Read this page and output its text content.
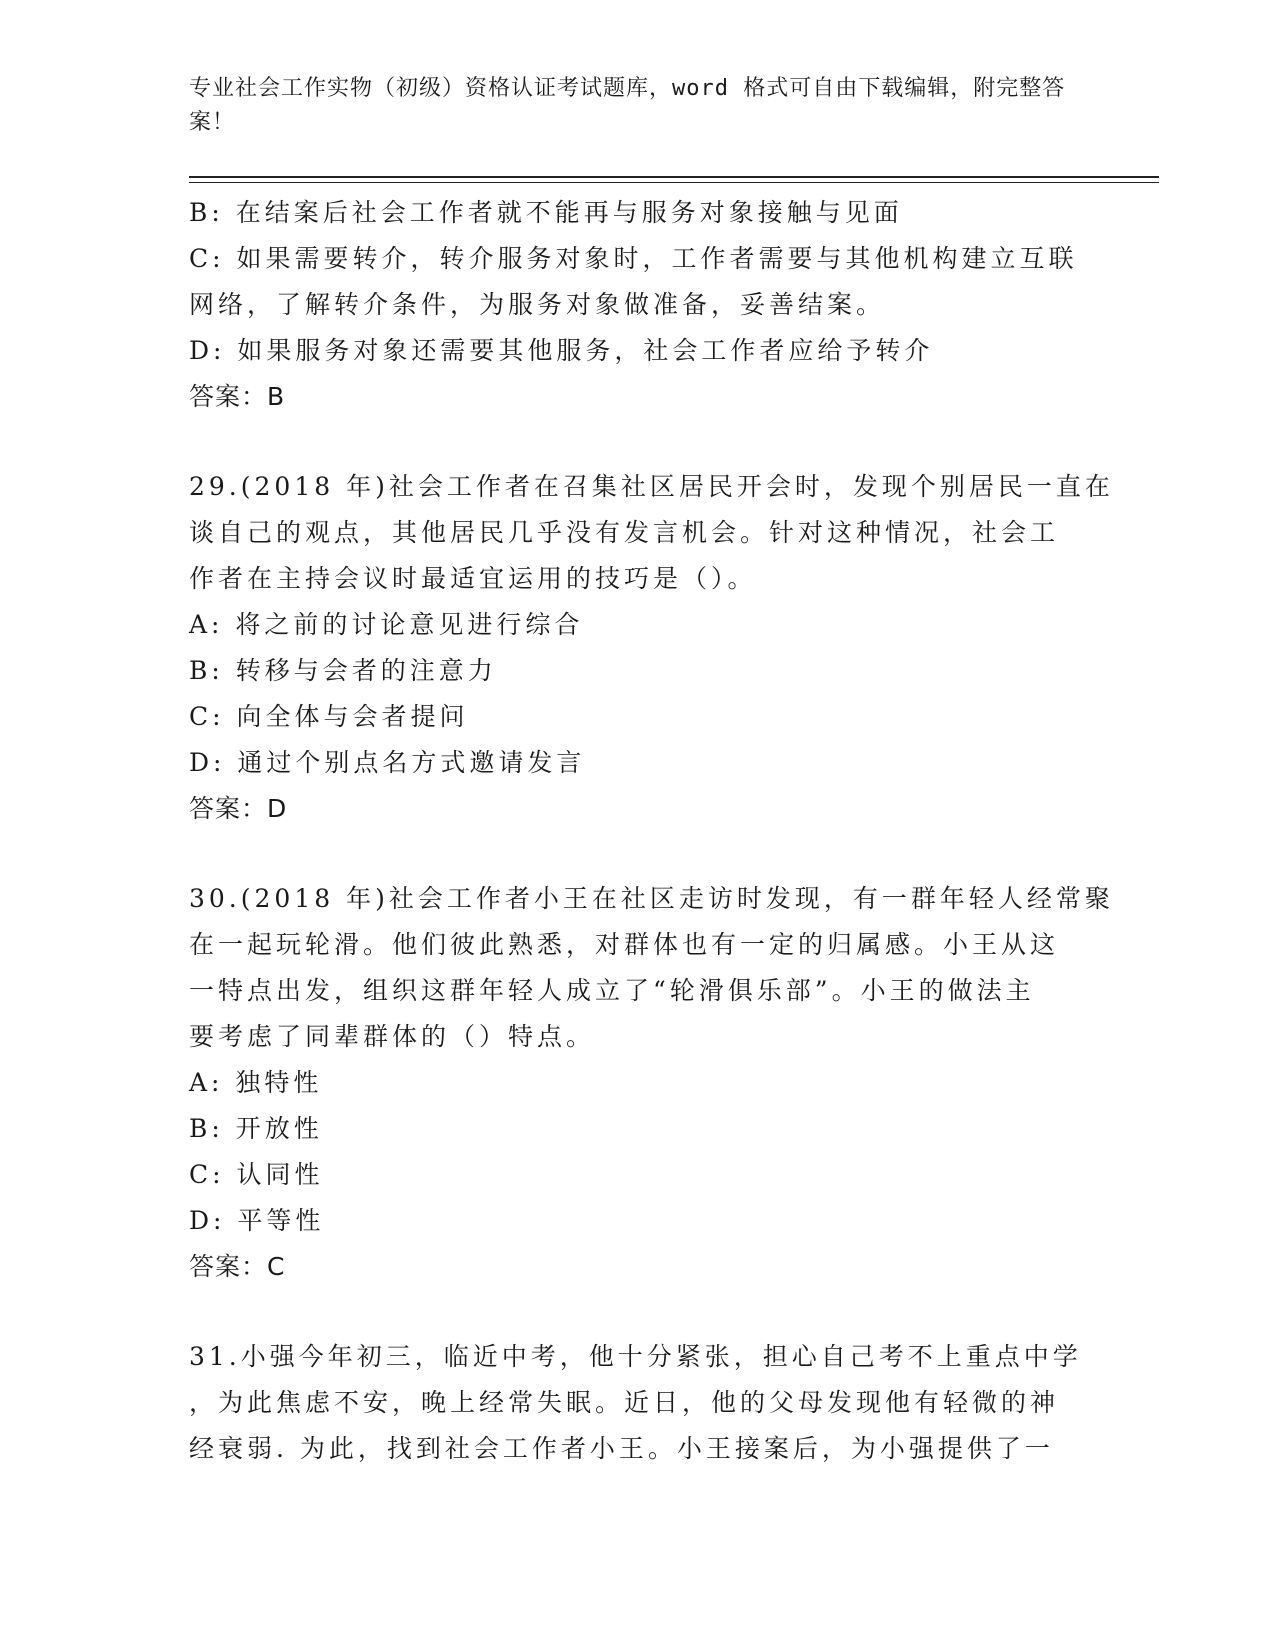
专业社会工作实物（初级）资格认证考试题库，word 格式可自由下载编辑，附完整答案！
B: 在结案后社会工作者就不能再与服务对象接触与见面
C: 如果需要转介，转介服务对象时，工作者需要与其他机构建立互联
网络，了解转介条件，为服务对象做准备，妥善结案。
D: 如果服务对象还需要其他服务，社会工作者应给予转介
答案：B
29.(2018 年)社会工作者在召集社区居民开会时，发现个别居民一直在
谈自己的观点，其他居民几乎没有发言机会。针对这种情况，社会工
作者在主持会议时最适宜运用的技巧是（）。
A: 将之前的讨论意见进行综合
B: 转移与会者的注意力
C: 向全体与会者提问
D: 通过个别点名方式邀请发言
答案：D
30.(2018 年)社会工作者小王在社区走访时发现，有一群年轻人经常聚
在一起玩轮滑。他们彼此熟悉，对群体也有一定的归属感。小王从这
一特点出发，组织这群年轻人成立了“轮滑俱乐部”。小王的做法主
要考虑了同辈群体的（）特点。
A: 独特性
B: 开放性
C: 认同性
D: 平等性
答案：C
31.小强今年初三，临近中考，他十分紧张，担心自己考不上重点中学
，为此焦虑不安，晚上经常失眠。近日，他的父母发现他有轻微的神
经衰弱. 为此，找到社会工作者小王。小王接案后，为小强提供了一
